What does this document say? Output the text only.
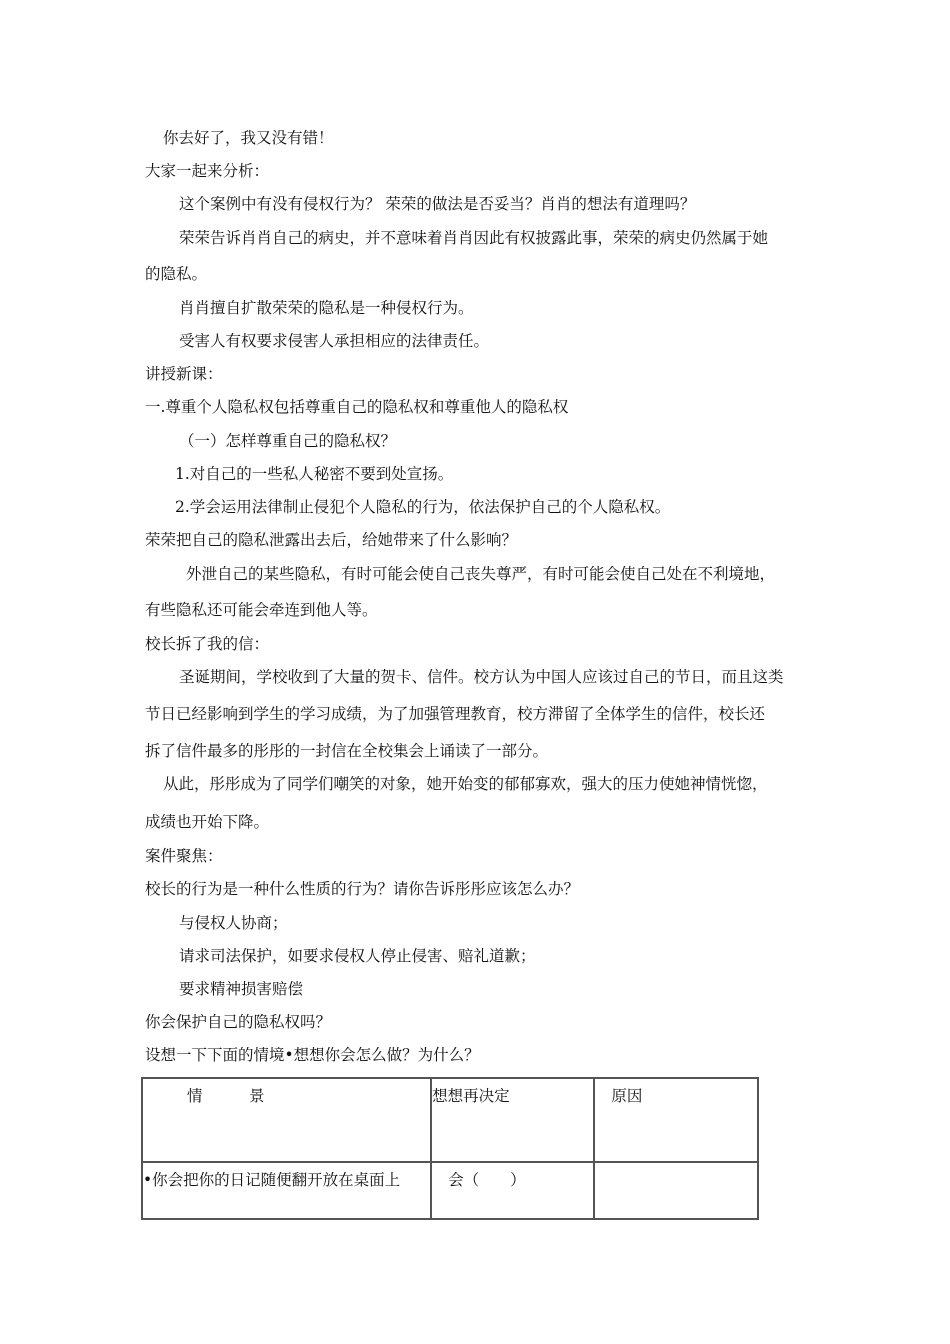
你去好了，我又没有错！
大家一起来分析：
这个案例中有没有侵权行为？ 荣荣的做法是否妥当？肖肖的想法有道理吗？
荣荣告诉肖肖自己的病史，并不意味着肖肖因此有权披露此事，荣荣的病史仍然属于她
的隐私。
肖肖擅自扩散荣荣的隐私是一种侵权行为。
受害人有权要求侵害人承担相应的法律责任。
讲授新课：
一.尊重个人隐私权包括尊重自己的隐私权和尊重他人的隐私权
（一）怎样尊重自己的隐私权？
1.对自己的一些私人秘密不要到处宣扬。
2.学会运用法律制止侵犯个人隐私的行为，依法保护自己的个人隐私权。
荣荣把自己的隐私泄露出去后，给她带来了什么影响？
外泄自己的某些隐私，有时可能会使自己丧失尊严，有时可能会使自己处在不利境地，
有些隐私还可能会牵连到他人等。
校长拆了我的信：
圣诞期间，学校收到了大量的贺卡、信件。校方认为中国人应该过自己的节日，而且这类
节日已经影响到学生的学习成绩，为了加强管理教育，校方滞留了全体学生的信件，校长还
拆了信件最多的彤彤的一封信在全校集会上诵读了一部分。
从此，彤彤成为了同学们嘲笑的对象，她开始变的郁郁寡欢，强大的压力使她神情恍惚，
成绩也开始下降。
案件聚焦：
校长的行为是一种什么性质的行为？请你告诉彤彤应该怎么办？
与侵权人协商；
请求司法保护，如要求侵权人停止侵害、赔礼道歉；
要求精神损害赔偿
你会保护自己的隐私权吗？
设想一下下面的情境•想想你会怎么做？为什么？
情　　　景	想想再决定	原因

•你会把你的日记随便翻开放在桌面上	会（　　）	
